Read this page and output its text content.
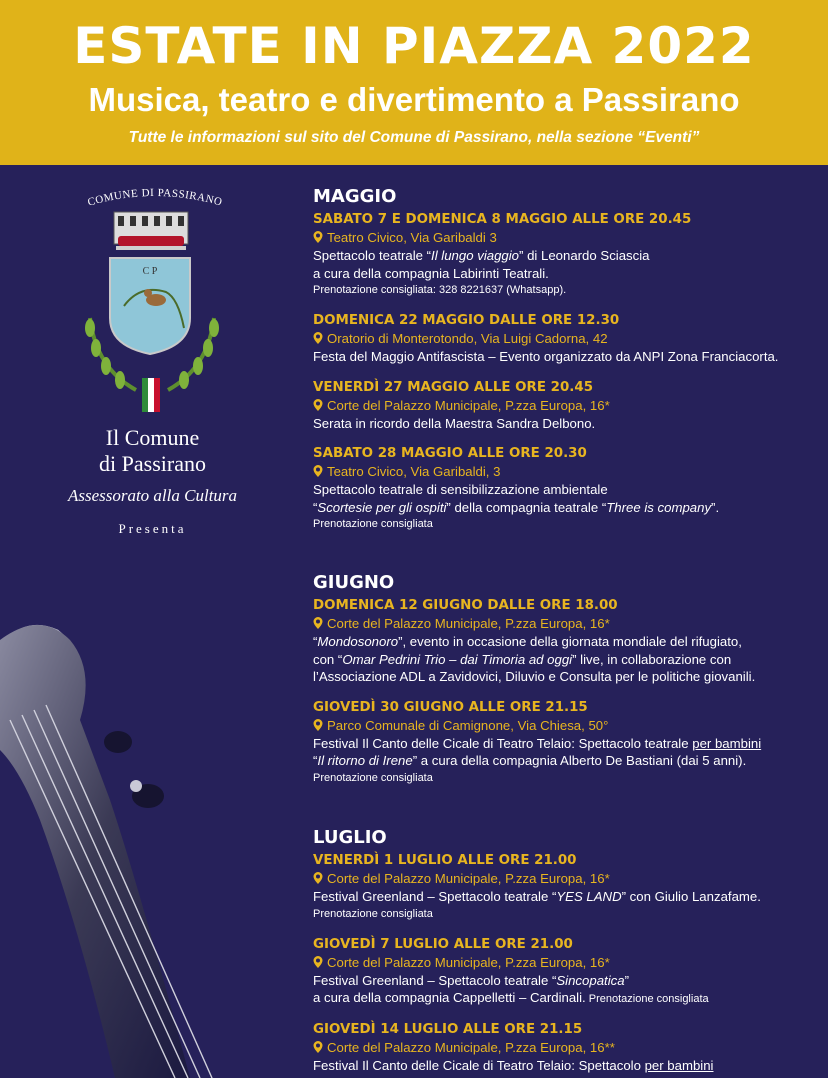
ESTATE IN PIAZZA 2022
Musica, teatro e divertimento a Passirano
Tutte le informazioni sul sito del Comune di Passirano, nella sezione “Eventi”
COMUNE DI PASSIRANO
C P
Il Comune
di Passirano
Assessorato alla Cultura
Presenta
MAGGIO
SABATO 7 E DOMENICA 8 MAGGIO ALLE ORE 20.45
Teatro Civico, Via Garibaldi 3
Spettacolo teatrale “Il lungo viaggio” di Leonardo Sciascia
a cura della compagnia Labirinti Teatrali.
Prenotazione consigliata: 328 8221637 (Whatsapp).
DOMENICA 22 MAGGIO DALLE ORE 12.30
Oratorio di Monterotondo, Via Luigi Cadorna, 42
Festa del Maggio Antifascista – Evento organizzato da ANPI Zona Franciacorta.
VENERDÌ 27 MAGGIO ALLE ORE 20.45
Corte del Palazzo Municipale, P.zza Europa, 16*
Serata in ricordo della Maestra Sandra Delbono.
SABATO 28 MAGGIO ALLE ORE 20.30
Teatro Civico, Via Garibaldi, 3
Spettacolo teatrale di sensibilizzazione ambientale
“Scortesie per gli ospiti” della compagnia teatrale “Three is company”.
Prenotazione consigliata
GIUGNO
DOMENICA 12 GIUGNO DALLE ORE 18.00
Corte del Palazzo Municipale, P.zza Europa, 16*
“Mondosonoro”, evento in occasione della giornata mondiale del rifugiato,
con “Omar Pedrini Trio – dai Timoria ad oggi” live, in collaborazione con
l’Associazione ADL a Zavidovici, Diluvio e Consulta per le politiche giovanili.
GIOVEDÌ 30 GIUGNO ALLE ORE 21.15
Parco Comunale di Camignone, Via Chiesa, 50°
Festival Il Canto delle Cicale di Teatro Telaio: Spettacolo teatrale per bambini
“Il ritorno di Irene” a cura della compagnia Alberto De Bastiani (dai 5 anni).
Prenotazione consigliata
LUGLIO
VENERDÌ 1 LUGLIO ALLE ORE 21.00
Corte del Palazzo Municipale, P.zza Europa, 16*
Festival Greenland – Spettacolo teatrale “YES LAND” con Giulio Lanzafame.
Prenotazione consigliata
GIOVEDÌ 7 LUGLIO ALLE ORE 21.00
Corte del Palazzo Municipale, P.zza Europa, 16*
Festival Greenland – Spettacolo teatrale “Sincopatica”
a cura della compagnia Cappelletti – Cardinali. Prenotazione consigliata
GIOVEDÌ 14 LUGLIO ALLE ORE 21.15
Corte del Palazzo Municipale, P.zza Europa, 16**
Festival Il Canto delle Cicale di Teatro Telaio: Spettacolo per bambini
